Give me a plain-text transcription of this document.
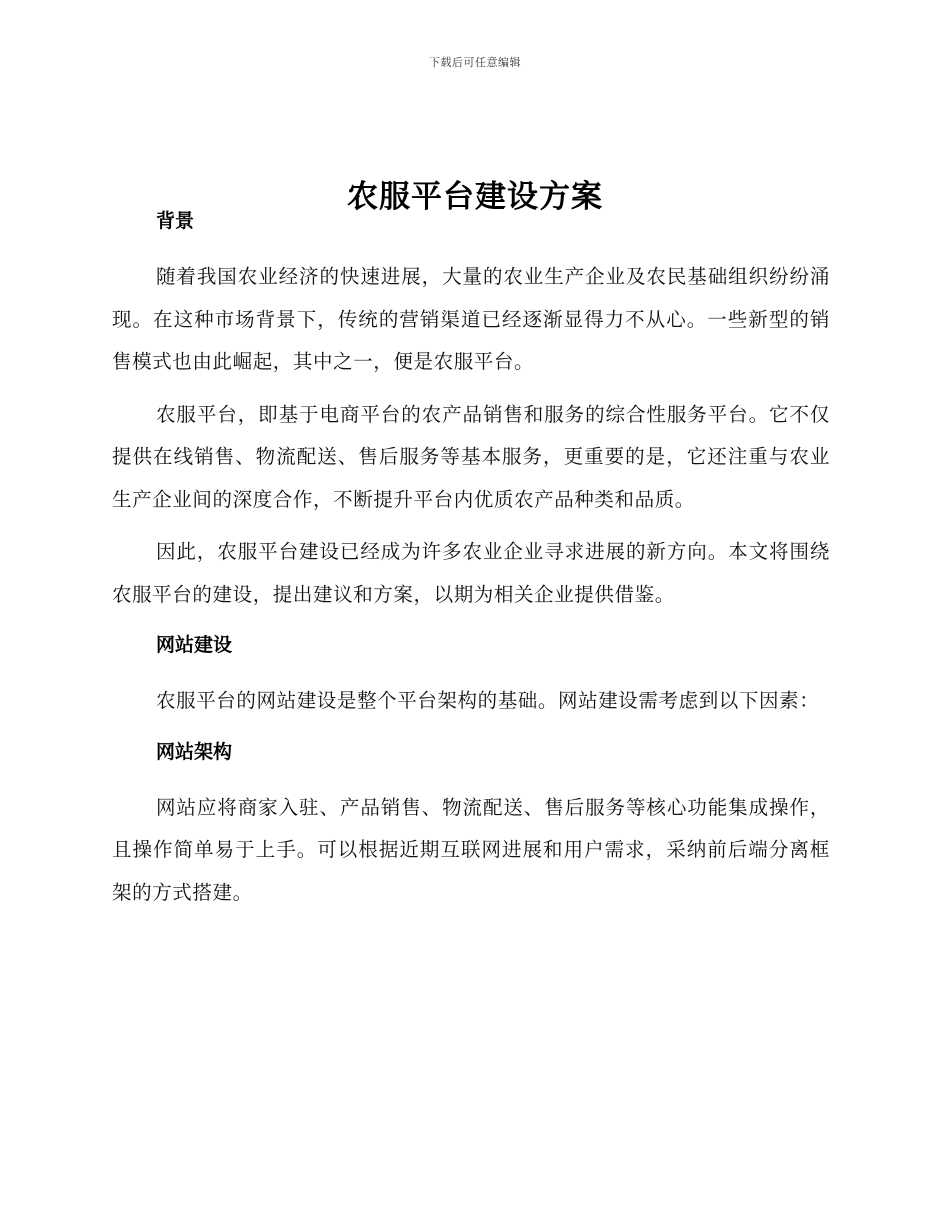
下载后可任意编辑
农服平台建设方案
背景

随着我国农业经济的快速进展，大量的农业生产企业及农民基础组织纷纷涌现。在这种市场背景下，传统的营销渠道已经逐渐显得力不从心。一些新型的销售模式也由此崛起，其中之一，便是农服平台。

农服平台，即基于电商平台的农产品销售和服务的综合性服务平台。它不仅提供在线销售、物流配送、售后服务等基本服务，更重要的是，它还注重与农业生产企业间的深度合作，不断提升平台内优质农产品种类和品质。

因此，农服平台建设已经成为许多农业企业寻求进展的新方向。本文将围绕农服平台的建设，提出建议和方案，以期为相关企业提供借鉴。

网站建设

农服平台的网站建设是整个平台架构的基础。网站建设需考虑到以下因素：

网站架构

网站应将商家入驻、产品销售、物流配送、售后服务等核心功能集成操作，且操作简单易于上手。可以根据近期互联网进展和用户需求，采纳前后端分离框架的方式搭建。
